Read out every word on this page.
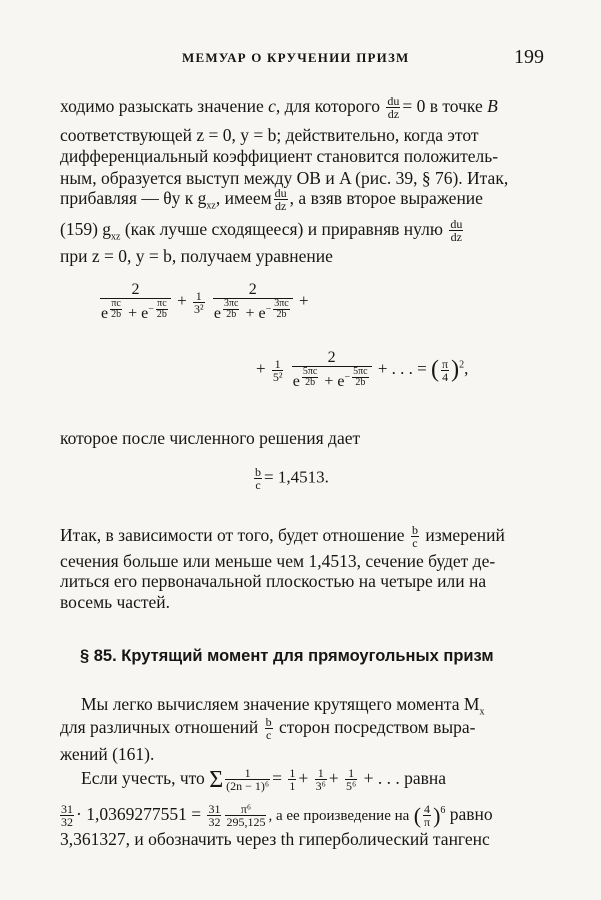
МЕМУАР О КРУЧЕНИИ ПРИЗМ	199
ходимо разыскать значение c, для которого $\frac{du}{dz} = 0$ в точке B
соответствующей z = 0, y = b; действительно, когда этот
дифференциальный коэффициент становится положитель-
ным, образуется выступ между OB и A (рис. 39, § 76). Итак,
прибавляя — θy к $g_{xz}$, имеем $\frac{du}{dz}$ , а взяв второе выражение
(159) $g_{xz}$ (как лучше сходящееся) и приравняв нулю $\frac{du}{dz}$
при z = 0, y = b, получаем уравнение
2
e $^{\frac{\pi c}{2b}} + e^{- \frac{\pi c}{2b}} + \frac{1}{\text{3²}}$
2
e $^{\frac{3\pi c}{2b}} + e^{- \frac{3\pi c}{2b}}$ +
+ $\frac{1}{\text{5²}}$
2
e $^{\frac{5\pi c}{2b}} + e^{- \frac{5\pi c}{2b}}$ + . . . = ( $\frac{\pi}{4} )^2$,
которое после численного решения дает
$\frac{b}{c} = 1,4513$.
Итак, в зависимости от того, будет отношение $\frac{b}{c}$ измерений
сечения больше или меньше чем 1,4513, сечение будет де-
литься его первоначальной плоскостью на четыре или на
восемь частей.
§ 85. Крутящий момент для прямоугольных призм
Мы легко вычисляем значение крутящего момента $M_x$
для различных отношений $\frac{b}{c}$ сторон посредством выра-
жений (161).
Если учесть, что Σ $\frac{1}{\text{(2n − 1)⁶}} = \frac{1}{1} + \frac{1}{\text{3⁶}} + \frac{1}{\text{5⁶}}$ + . . . равна
$\frac{31}{32} \cdot 1,0369277551 = \frac{31}{32} \frac{\text{π⁶}}{295,125}$ , а ее произведение на ( $\frac{4}{\pi} )^6$ равно
3,361327, и обозначить через th гиперболический тангенс
